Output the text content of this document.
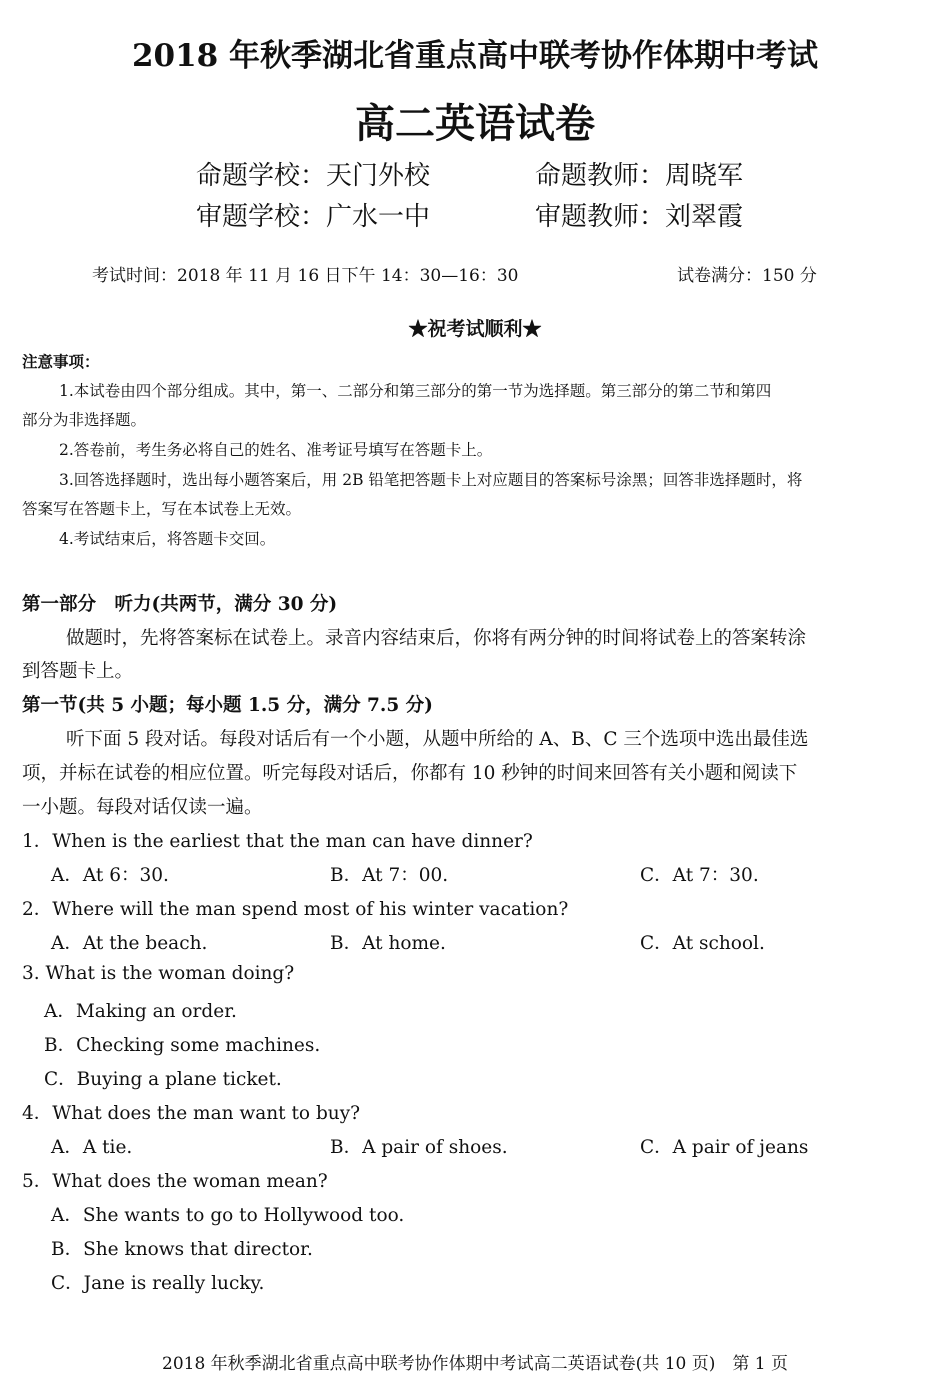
2018 年秋季湖北省重点高中联考协作体期中考试
高二英语试卷
命题学校：天门外校	命题教师：周晓军
审题学校：广水一中	审题教师：刘翠霞
考试时间：2018 年 11 月 16 日下午 14：30—16：30	试卷满分：150 分
★祝考试顺利★
注意事项：
1.本试卷由四个部分组成。其中，第一、二部分和第三部分的第一节为选择题。第三部分的第二节和第四
部分为非选择题。
2.答卷前，考生务必将自己的姓名、准考证号填写在答题卡上。
3.回答选择题时，选出每小题答案后，用 2B 铅笔把答题卡上对应题目的答案标号涂黑；回答非选择题时，将
答案写在答题卡上，写在本试卷上无效。
4.考试结束后，将答题卡交回。
第一部分　听力(共两节，满分 30 分)
做题时，先将答案标在试卷上。录音内容结束后，你将有两分钟的时间将试卷上的答案转涂
到答题卡上。
第一节(共 5 小题；每小题 1.5 分，满分 7.5 分)
听下面 5 段对话。每段对话后有一个小题，从题中所给的 A、B、C 三个选项中选出最佳选
项，并标在试卷的相应位置。听完每段对话后，你都有 10 秒钟的时间来回答有关小题和阅读下
一小题。每段对话仅读一遍。
1．When is the earliest that the man can have dinner?
A．At 6：30.	B．At 7：00.	C．At 7：30.
2．Where will the man spend most of his winter vacation?
A．At the beach.	B．At home.	C．At school.
3. What is the woman doing?
A．Making an order.
B．Checking some machines.
C．Buying a plane ticket.
4．What does the man want to buy?
A．A tie.	B．A pair of shoes.	C．A pair of jeans
5．What does the woman mean?
A．She wants to go to Hollywood too.
B．She knows that director.
C．Jane is really lucky.
2018 年秋季湖北省重点高中联考协作体期中考试高二英语试卷(共 10 页)　第 1 页
